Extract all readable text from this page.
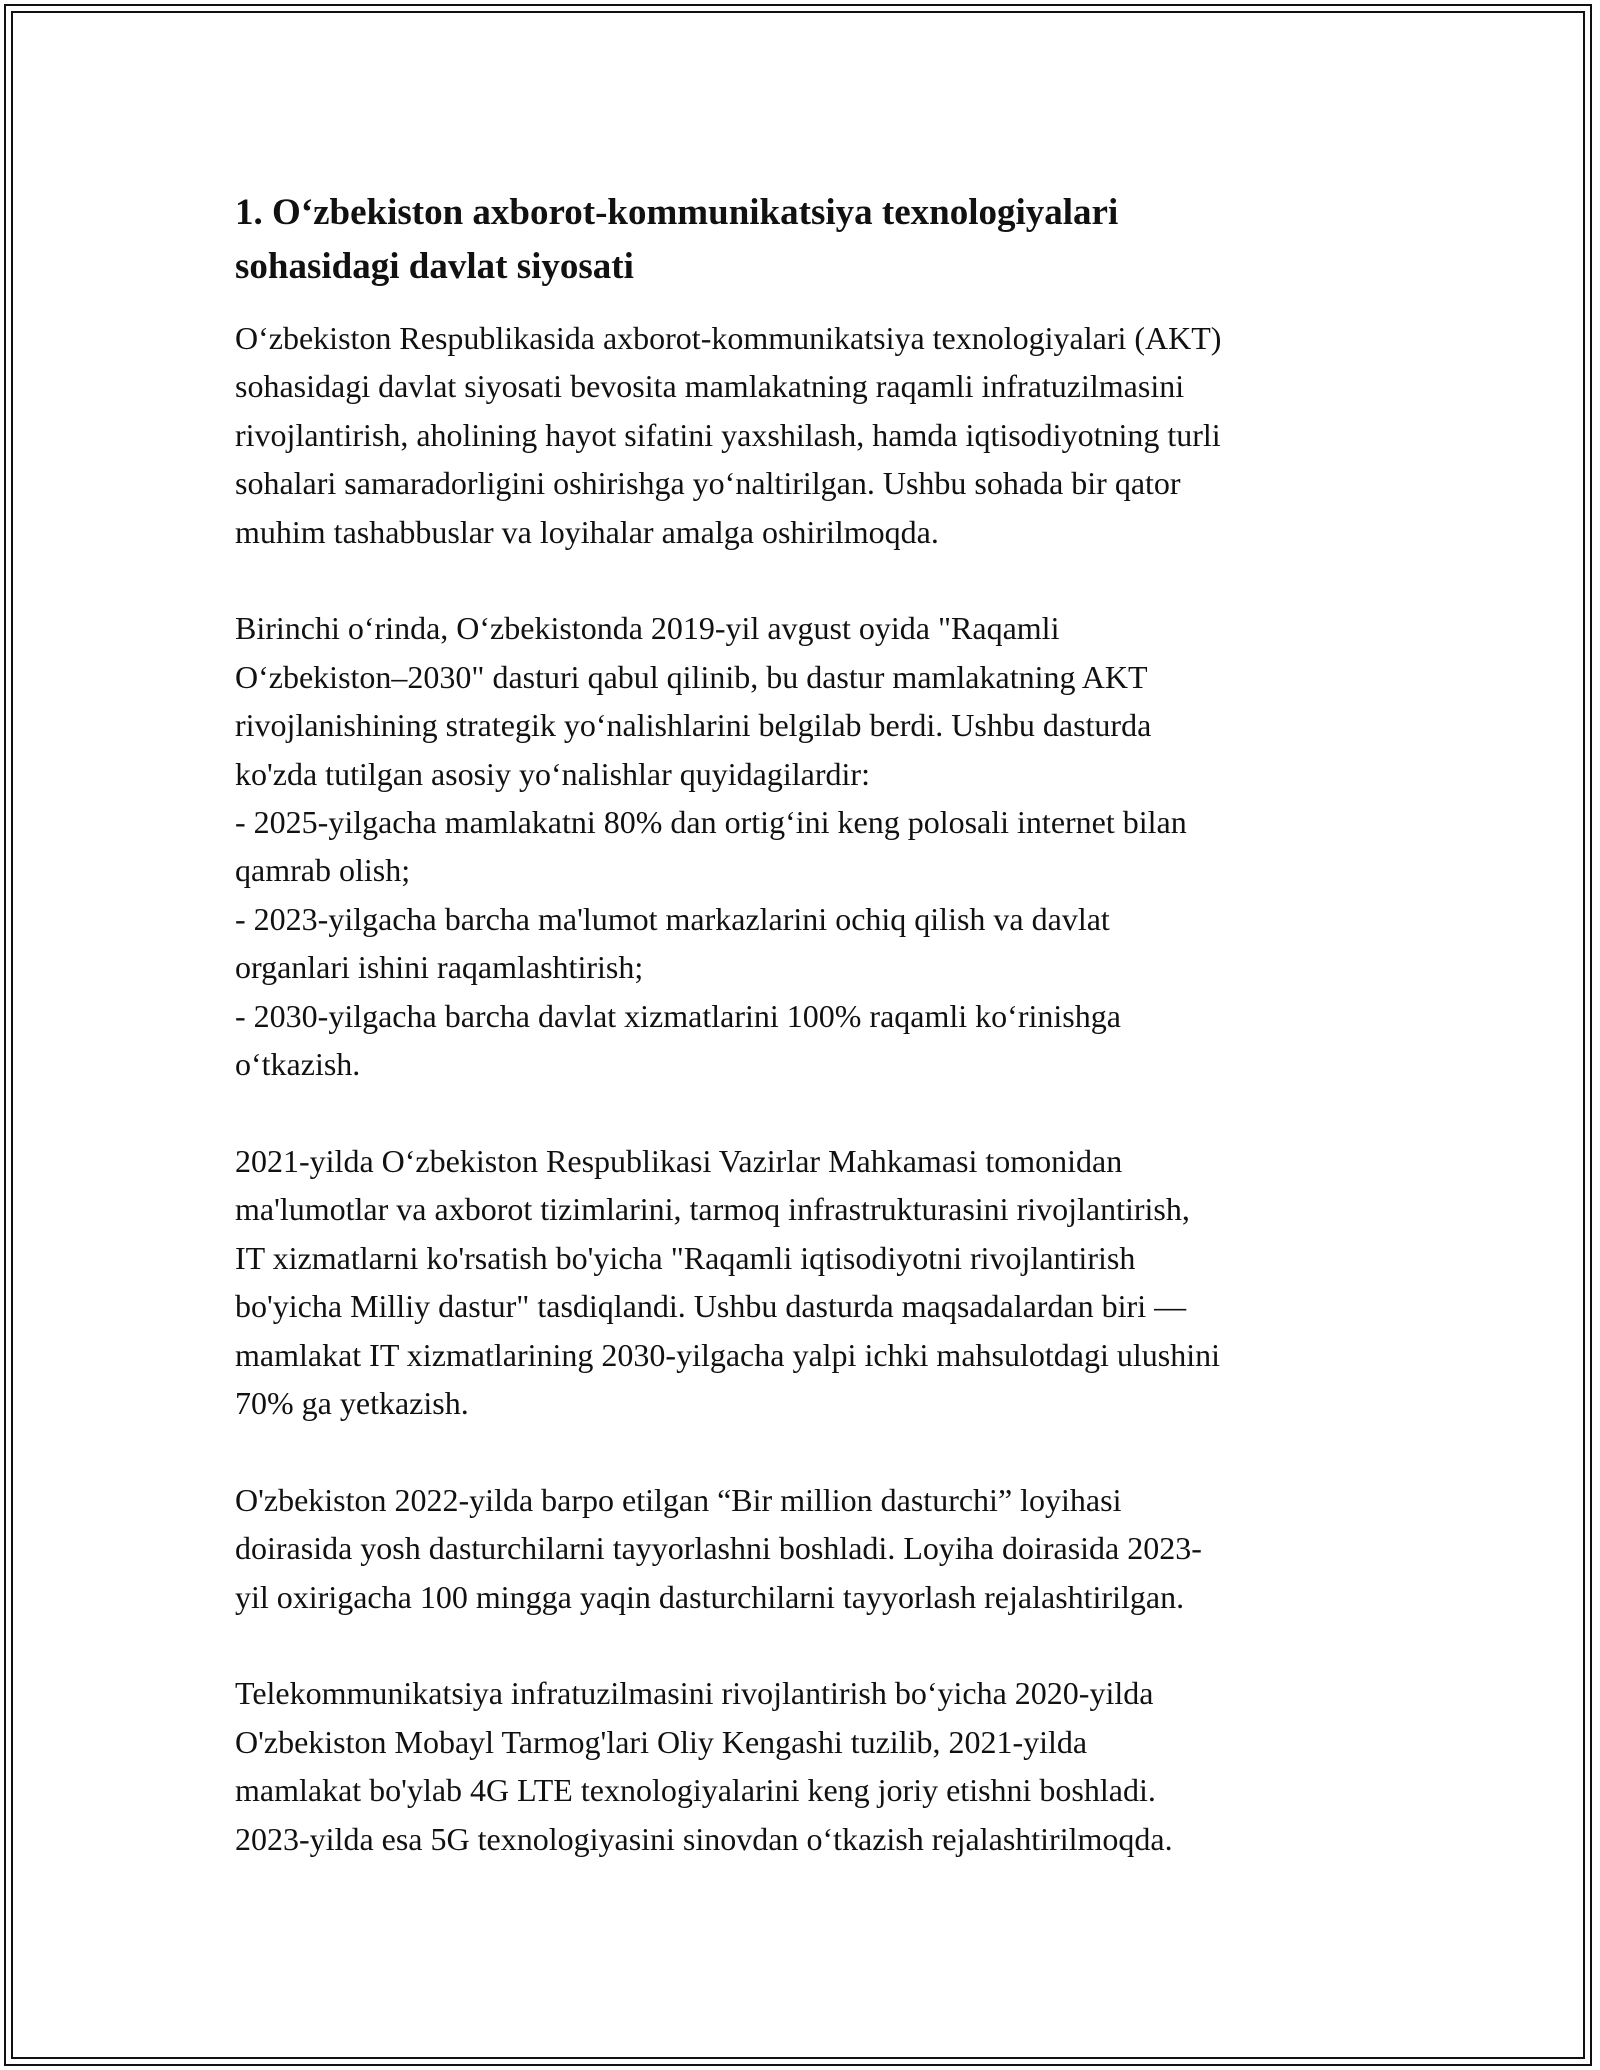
1. O‘zbekiston axborot-kommunikatsiya texnologiyalari
sohasidagi davlat siyosati
O‘zbekiston Respublikasida axborot-kommunikatsiya texnologiyalari (AKT)
sohasidagi davlat siyosati bevosita mamlakatning raqamli infratuzilmasini
rivojlantirish, aholining hayot sifatini yaxshilash, hamda iqtisodiyotning turli
sohalari samaradorligini oshirishga yo‘naltirilgan. Ushbu sohada bir qator
muhim tashabbuslar va loyihalar amalga oshirilmoqda.
Birinchi o‘rinda, O‘zbekistonda 2019-yil avgust oyida "Raqamli
O‘zbekiston–2030" dasturi qabul qilinib, bu dastur mamlakatning AKT
rivojlanishining strategik yo‘nalishlarini belgilab berdi. Ushbu dasturda
ko'zda tutilgan asosiy yo‘nalishlar quyidagilardir:
- 2025-yilgacha mamlakatni 80% dan ortig‘ini keng polosali internet bilan
qamrab olish;
- 2023-yilgacha barcha ma'lumot markazlarini ochiq qilish va davlat
organlari ishini raqamlashtirish;
- 2030-yilgacha barcha davlat xizmatlarini 100% raqamli ko‘rinishga
o‘tkazish.
2021-yilda O‘zbekiston Respublikasi Vazirlar Mahkamasi tomonidan
ma'lumotlar va axborot tizimlarini, tarmoq infrastrukturasini rivojlantirish,
IT xizmatlarni ko'rsatish bo'yicha "Raqamli iqtisodiyotni rivojlantirish
bo'yicha Milliy dastur" tasdiqlandi. Ushbu dasturda maqsadalardan biri —
mamlakat IT xizmatlarining 2030-yilgacha yalpi ichki mahsulotdagi ulushini
70% ga yetkazish.
O'zbekiston 2022-yilda barpo etilgan “Bir million dasturchi” loyihasi
doirasida yosh dasturchilarni tayyorlashni boshladi. Loyiha doirasida 2023-
yil oxirigacha 100 mingga yaqin dasturchilarni tayyorlash rejalashtirilgan.
Telekommunikatsiya infratuzilmasini rivojlantirish bo‘yicha 2020-yilda
O'zbekiston Mobayl Tarmog'lari Oliy Kengashi tuzilib, 2021-yilda
mamlakat bo'ylab 4G LTE texnologiyalarini keng joriy etishni boshladi.
2023-yilda esa 5G texnologiyasini sinovdan o‘tkazish rejalashtirilmoqda.
